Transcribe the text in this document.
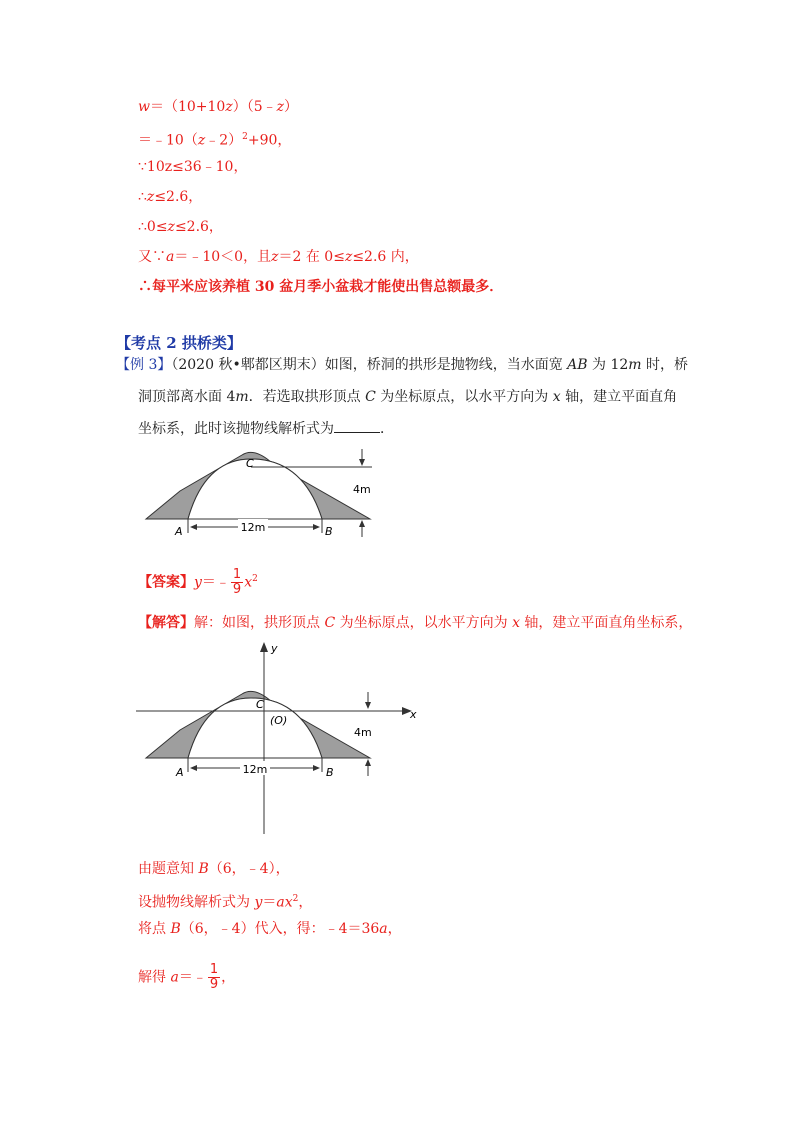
w＝（10+10z）（5﹣z）
＝﹣10（z﹣2）$^2$+90，
∵10z≤36﹣10，
∴z≤2.6，
∴0≤z≤2.6，
又∵a＝﹣10＜0，且z＝2 在 0≤z≤2.6 内，
∴每平米应该养植 30 盆月季小盆栽才能使出售总额最多．
【考点 2 拱桥类】
【例 3】（2020 秋•郫都区期末）如图，桥洞的拱形是抛物线，当水面宽 AB 为 12m 时，桥
洞顶部离水面 4m．若选取拱形顶点 C 为坐标原点，以水平方向为 x 轴，建立平面直角
坐标系，此时该抛物线解析式为	．
12m
4m
C
A	B
【答案】y＝﹣ $\frac{1}{9} x^2$
【解答】解：如图，拱形顶点 C 为坐标原点，以水平方向为 x 轴，建立平面直角坐标系，
y
x
12m
4m
C
(O)
A	B
由题意知 B（6，﹣4），
设抛物线解析式为 $y=ax^2$，
将点 B（6，﹣4）代入，得：﹣4＝36a，
解得 a＝﹣ $\frac{1}{9}$ ，
